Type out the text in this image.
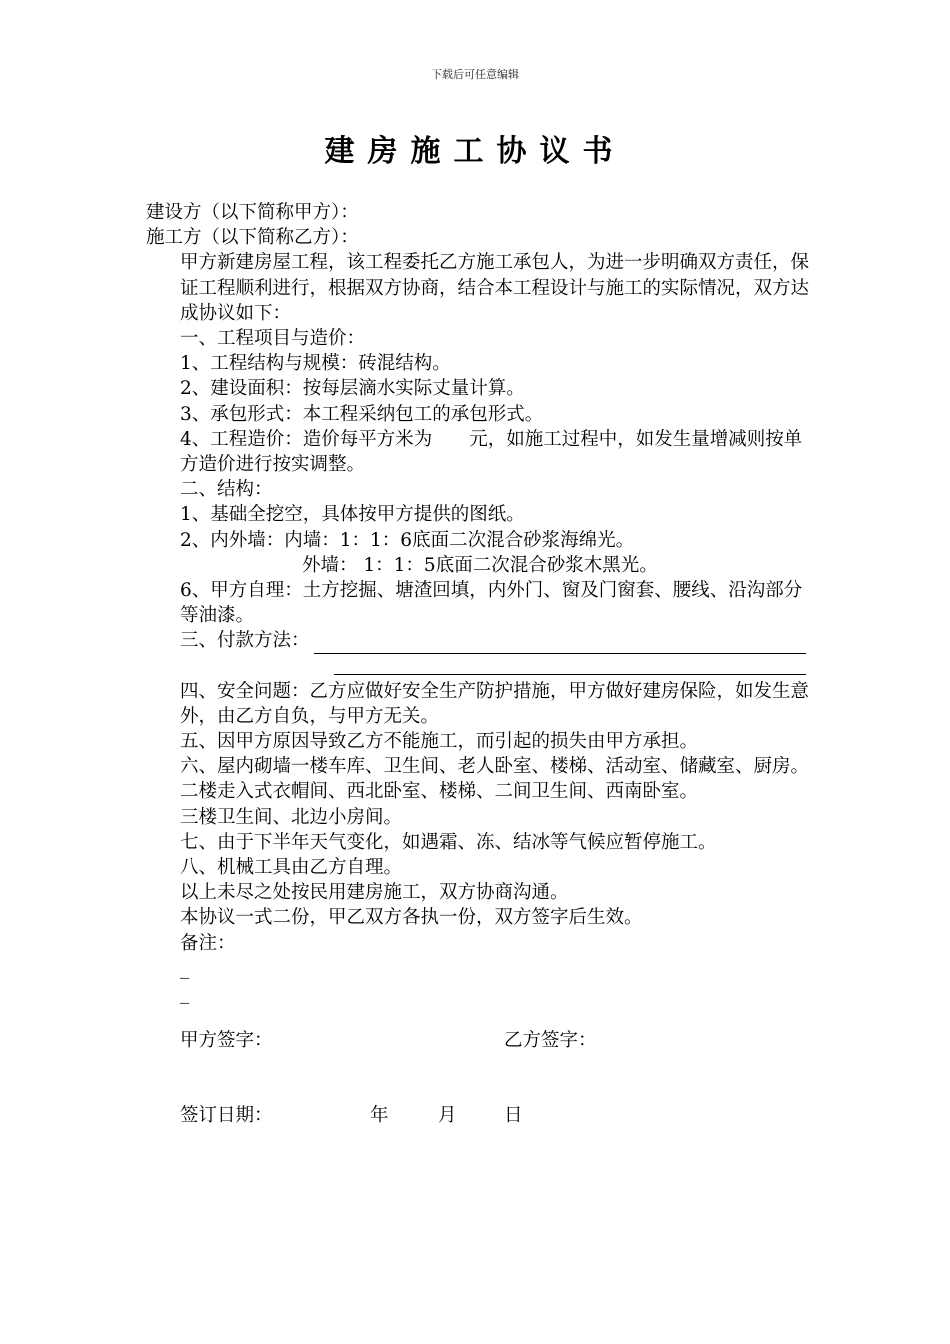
下载后可任意编辑
建房施工协议书

建设方（以下简称甲方）：

施工方（以下简称乙方）：

甲方新建房屋工程，该工程委托乙方施工承包人，为进一步明确双方责任，保证工程顺利进行，根据双方协商，结合本工程设计与施工的实际情况，双方达成协议如下：

一、工程项目与造价：

1、工程结构与规模：砖混结构。

2、建设面积：按每层滴水实际丈量计算。

3、承包形式：本工程采纳包工的承包形式。

4、工程造价：造价每平方米为　　元，如施工过程中，如发生量增减则按单方造价进行按实调整。

二、结构：

1、基础全挖空，具体按甲方提供的图纸。

2、内外墙：内墙：1：1：6底面二次混合砂浆海绵光。

外墙： 1：1：5底面二次混合砂浆木黑光。

6、甲方自理：土方挖掘、塘渣回填，内外门、窗及门窗套、腰线、沿沟部分等油漆。

三、付款方法：

四、安全问题：乙方应做好安全生产防护措施，甲方做好建房保险，如发生意外，由乙方自负，与甲方无关。

五、因甲方原因导致乙方不能施工，而引起的损失由甲方承担。

六、屋内砌墙一楼车库、卫生间、老人卧室、楼梯、活动室、储藏室、厨房。

二楼走入式衣帽间、西北卧室、楼梯、二间卫生间、西南卧室。

三楼卫生间、北边小房间。

七、由于下半年天气变化，如遇霜、冻、结冰等气候应暂停施工。

八、机械工具由乙方自理。

以上未尽之处按民用建房施工，双方协商沟通。

本协议一式二份，甲乙双方各执一份，双方签字后生效。

备注：

_

_

甲方签字：	乙方签字：
签订日期：	年	月	日
